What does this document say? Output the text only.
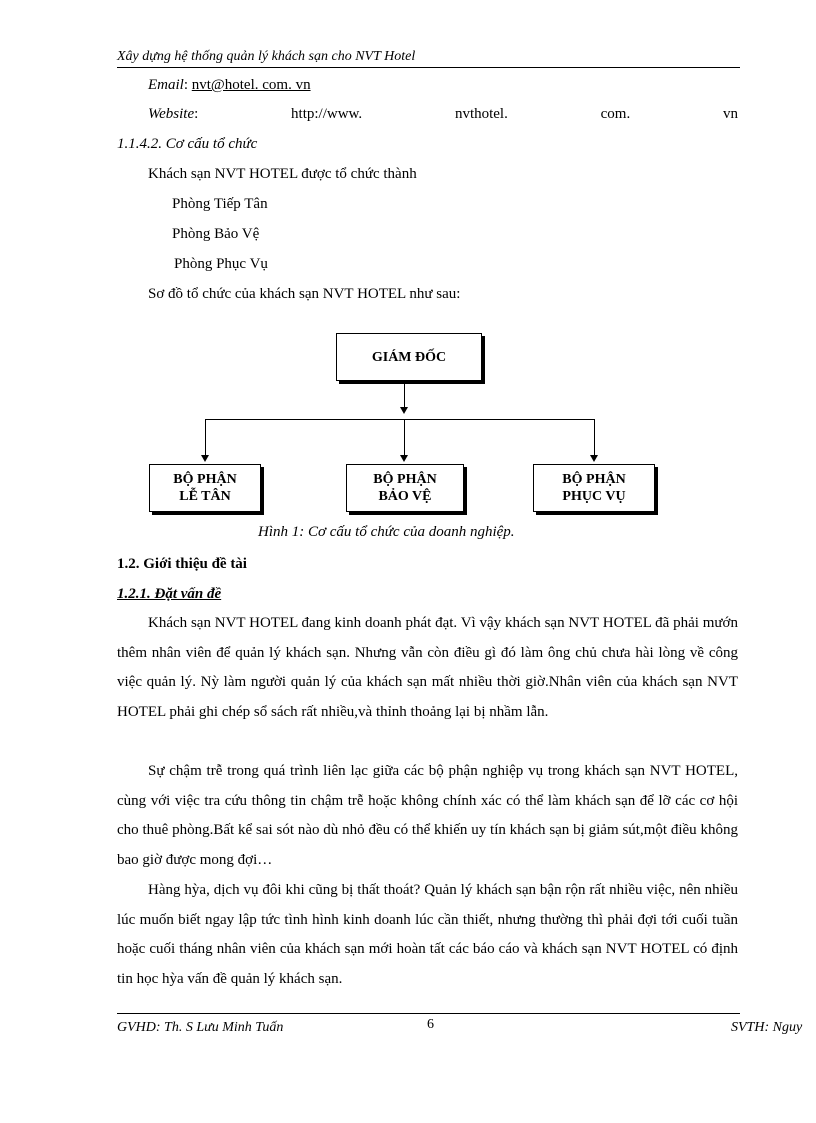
Xây dựng hệ thống quản lý khách sạn cho NVT Hotel
Email: nvt@hotel. com. vn
Website:	http://www.	nvthotel.	com.	vn
1.1.4.2. Cơ cấu tổ chức
Khách sạn NVT HOTEL được tổ chức thành
Phòng Tiếp Tân
Phòng Bảo Vệ
Phòng Phục Vụ
Sơ đồ tổ chức của khách sạn NVT HOTEL như sau:
GIÁM ĐỐC
BỘ PHẬN
LỄ TÂN
BỘ PHẬN
BẢO VỆ
BỘ PHẬN
PHỤC VỤ
Hình 1: Cơ cấu tổ chức của doanh nghiệp.
1.2. Giới thiệu đề tài
1.2.1. Đặt vấn đề
Khách sạn NVT HOTEL đang kinh doanh phát đạt. Vì vậy khách sạn NVT HOTEL đã phải mướn thêm nhân viên để quản lý khách sạn. Nhưng vẫn còn điều gì đó làm ông chủ chưa hài lòng về công việc quản lý. Nỳ làm người quản lý của khách sạn mất nhiều thời giờ.Nhân viên của khách sạn NVT HOTEL phải ghi chép sổ sách rất nhiều,và thỉnh thoảng lại bị nhầm lẫn.
Sự chậm trễ trong quá trình liên lạc giữa các bộ phận nghiệp vụ trong khách sạn NVT HOTEL, cùng với việc tra cứu thông tin chậm trễ hoặc không chính xác có thể làm khách sạn để lỡ các cơ hội cho thuê phòng.Bất kể sai sót nào dù nhỏ đều có thể khiến uy tín khách sạn bị giảm sút,một điều không bao giờ được mong đợi…
Hàng hỳa, dịch vụ đôi khi cũng bị thất thoát? Quản lý khách sạn bận rộn rất nhiều việc, nên nhiều lúc muốn biết ngay lập tức tình hình kinh doanh lúc cần thiết, nhưng thường thì phải đợi tới cuối tuần hoặc cuối tháng nhân viên của khách sạn mới hoàn tất các báo cáo và khách sạn NVT HOTEL có định tin học hỳa vấn đề quản lý khách sạn.
GVHD: Th. S Lưu Minh Tuấn	6	SVTH: Nguy
